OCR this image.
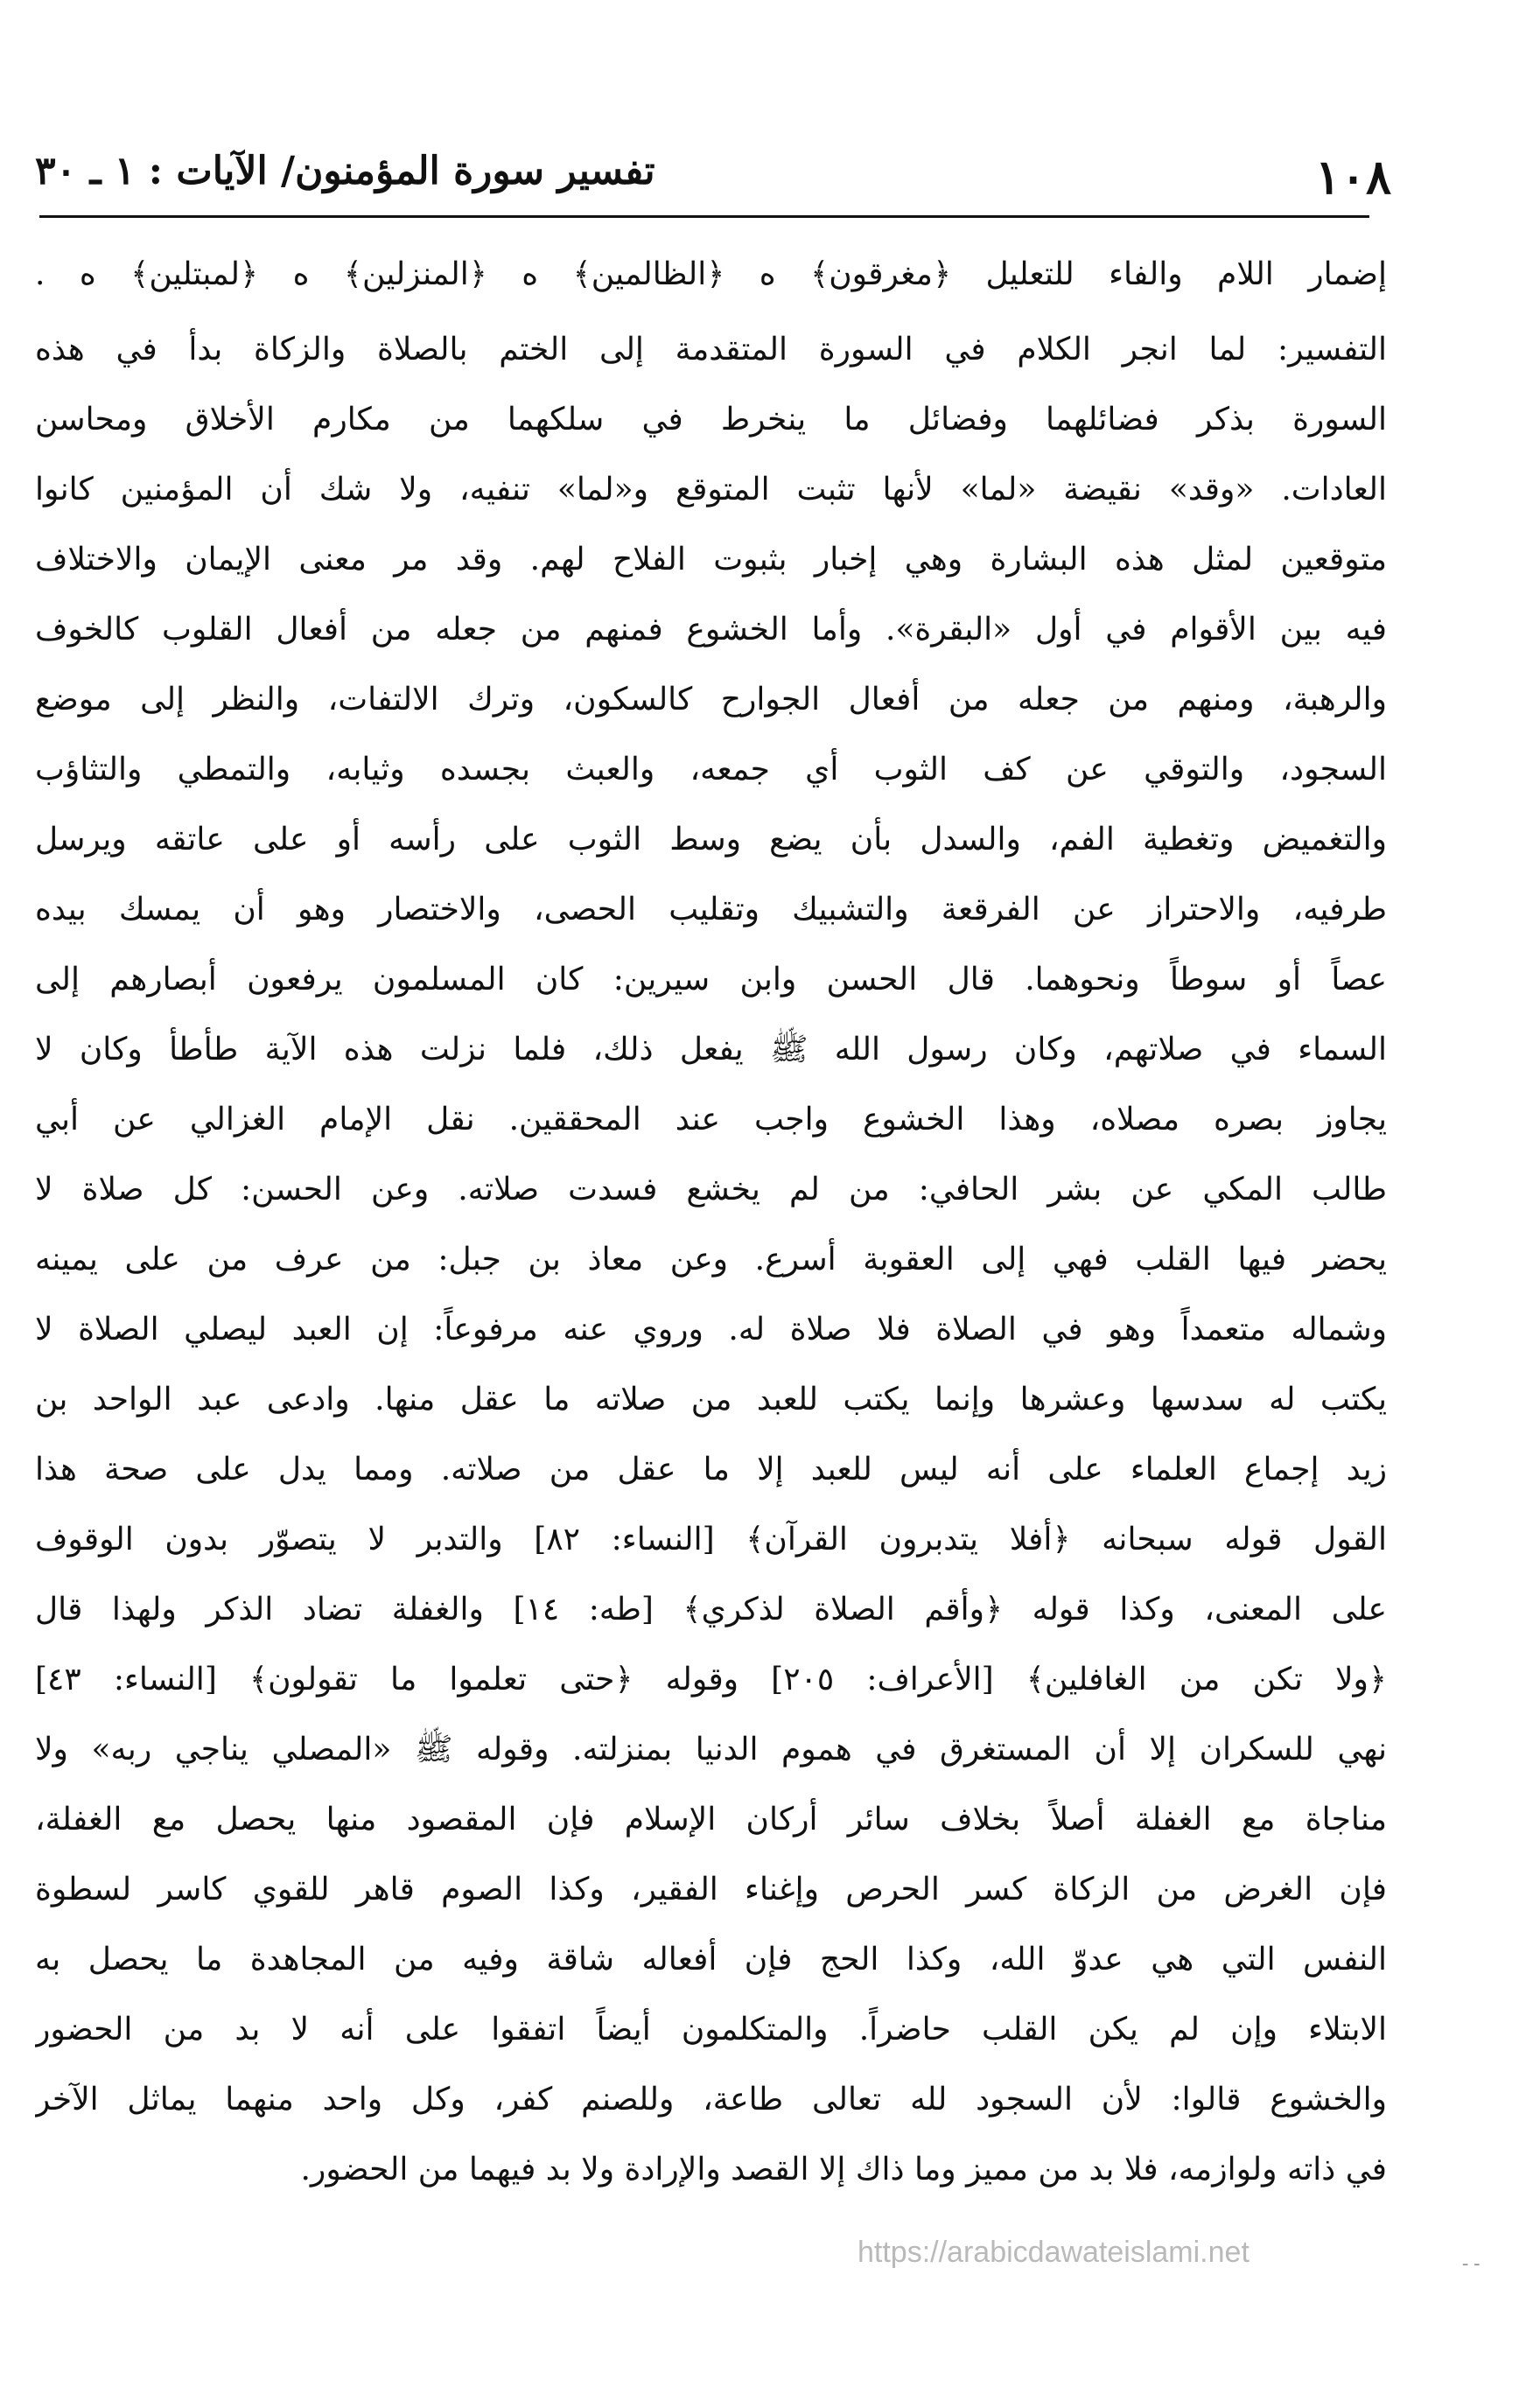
١٠٨
تفسير سورة المؤمنون/ الآيات : ١ ـ ٣٠
إضمار اللام والفاء للتعليل ﴿مغرقون﴾ ه ﴿الظالمين﴾ ه ﴿المنزلين﴾ ه ﴿لمبتلين﴾ ه .
التفسير: لما انجر الكلام في السورة المتقدمة إلى الختم بالصلاة والزكاة بدأ في هذه
السورة بذكر فضائلهما وفضائل ما ينخرط في سلكهما من مكارم الأخلاق ومحاسن
العادات. «وقد» نقيضة «لما» لأنها تثبت المتوقع و«لما» تنفيه، ولا شك أن المؤمنين كانوا
متوقعين لمثل هذه البشارة وهي إخبار بثبوت الفلاح لهم. وقد مر معنى الإيمان والاختلاف
فيه بين الأقوام في أول «البقرة». وأما الخشوع فمنهم من جعله من أفعال القلوب كالخوف
والرهبة، ومنهم من جعله من أفعال الجوارح كالسكون، وترك الالتفات، والنظر إلى موضع
السجود، والتوقي عن كف الثوب أي جمعه، والعبث بجسده وثيابه، والتمطي والتثاؤب
والتغميض وتغطية الفم، والسدل بأن يضع وسط الثوب على رأسه أو على عاتقه ويرسل
طرفيه، والاحتراز عن الفرقعة والتشبيك وتقليب الحصى، والاختصار وهو أن يمسك بيده
عصاً أو سوطاً ونحوهما. قال الحسن وابن سيرين: كان المسلمون يرفعون أبصارهم إلى
السماء في صلاتهم، وكان رسول الله ﷺ يفعل ذلك، فلما نزلت هذه الآية طأطأ وكان لا
يجاوز بصره مصلاه، وهذا الخشوع واجب عند المحققين. نقل الإمام الغزالي عن أبي
طالب المكي عن بشر الحافي: من لم يخشع فسدت صلاته. وعن الحسن: كل صلاة لا
يحضر فيها القلب فهي إلى العقوبة أسرع. وعن معاذ بن جبل: من عرف من على يمينه
وشماله متعمداً وهو في الصلاة فلا صلاة له. وروي عنه مرفوعاً: إن العبد ليصلي الصلاة لا
يكتب له سدسها وعشرها وإنما يكتب للعبد من صلاته ما عقل منها. وادعى عبد الواحد بن
زيد إجماع العلماء على أنه ليس للعبد إلا ما عقل من صلاته. ومما يدل على صحة هذا
القول قوله سبحانه ﴿أفلا يتدبرون القرآن﴾ [النساء: ٨٢] والتدبر لا يتصوّر بدون الوقوف
على المعنى، وكذا قوله ﴿وأقم الصلاة لذكري﴾ [طه: ١٤] والغفلة تضاد الذكر ولهذا قال
﴿ولا تكن من الغافلين﴾ [الأعراف: ٢٠٥] وقوله ﴿حتى تعلموا ما تقولون﴾ [النساء: ٤٣]
نهي للسكران إلا أن المستغرق في هموم الدنيا بمنزلته. وقوله ﷺ «المصلي يناجي ربه» ولا
مناجاة مع الغفلة أصلاً بخلاف سائر أركان الإسلام فإن المقصود منها يحصل مع الغفلة،
فإن الغرض من الزكاة كسر الحرص وإغناء الفقير، وكذا الصوم قاهر للقوي كاسر لسطوة
النفس التي هي عدوّ الله، وكذا الحج فإن أفعاله شاقة وفيه من المجاهدة ما يحصل به
الابتلاء وإن لم يكن القلب حاضراً. والمتكلمون أيضاً اتفقوا على أنه لا بد من الحضور
والخشوع قالوا: لأن السجود لله تعالى طاعة، وللصنم كفر، وكل واحد منهما يماثل الآخر
في ذاته ولوازمه، فلا بد من مميز وما ذاك إلا القصد والإرادة ولا بد فيهما من الحضور.
https://arabicdawateislami.net	--
